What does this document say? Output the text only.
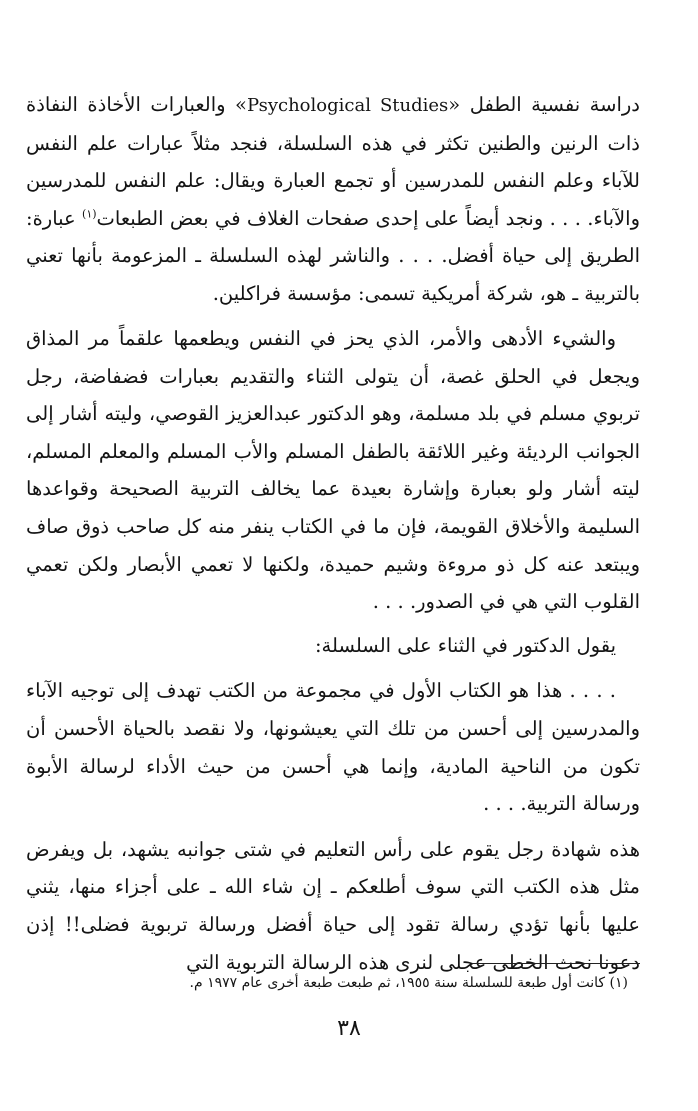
دراسة نفسية الطفل «Psychological Studies» والعبارات الأخاذة النفاذة ذات الرنين والطنين تكثر في هذه السلسلة، فنجد مثلاً عبارات علم النفس للآباء وعلم النفس للمدرسين أو تجمع العبارة ويقال: علم النفس للمدرسين والآباء. . . . ونجد أيضاً على إحدى صفحات الغلاف في بعض الطبعات$^{(١)}$ عبارة: الطريق إلى حياة أفضل. . . . والناشر لهذه السلسلة ـ المزعومة بأنها تعني بالتربية ـ هو، شركة أمريكية تسمى: مؤسسة فراكلين.

والشيء الأدهى والأمر، الذي يحز في النفس ويطعمها علقماً مر المذاق ويجعل في الحلق غصة، أن يتولى الثناء والتقديم بعبارات فضفاضة، رجل تربوي مسلم في بلد مسلمة، وهو الدكتور عبدالعزيز القوصي، وليته أشار إلى الجوانب الرديئة وغير اللائقة بالطفل المسلم والأب المسلم والمعلم المسلم، ليته أشار ولو بعبارة وإشارة بعيدة عما يخالف التربية الصحيحة وقواعدها السليمة والأخلاق القويمة، فإن ما في الكتاب ينفر منه كل صاحب ذوق صاف ويبتعد عنه كل ذو مروءة وشيم حميدة، ولكنها لا تعمي الأبصار ولكن تعمي القلوب التي هي في الصدور. . . .

يقول الدكتور في الثناء على السلسلة:

. . . . هذا هو الكتاب الأول في مجموعة من الكتب تهدف إلى توجيه الآباء والمدرسين إلى أحسن من تلك التي يعيشونها، ولا نقصد بالحياة الأحسن أن تكون من الناحية المادية، وإنما هي أحسن من حيث الأداء لرسالة الأبوة ورسالة التربية. . . .

هذه شهادة رجل يقوم على رأس التعليم في شتى جوانبه يشهد، بل ويفرض مثل هذه الكتب التي سوف أطلعكم ـ إن شاء الله ـ على أجزاء منها، يثني عليها بأنها تؤدي رسالة تقود إلى حياة أفضل ورسالة تربوية فضلى!! إذن دعونا نحث الخطى عجلى لنرى هذه الرسالة التربوية التي

(١) كانت أول طبعة للسلسلة سنة ١٩٥٥، ثم طبعت طبعة أخرى عام ١٩٧٧ م.

٣٨
